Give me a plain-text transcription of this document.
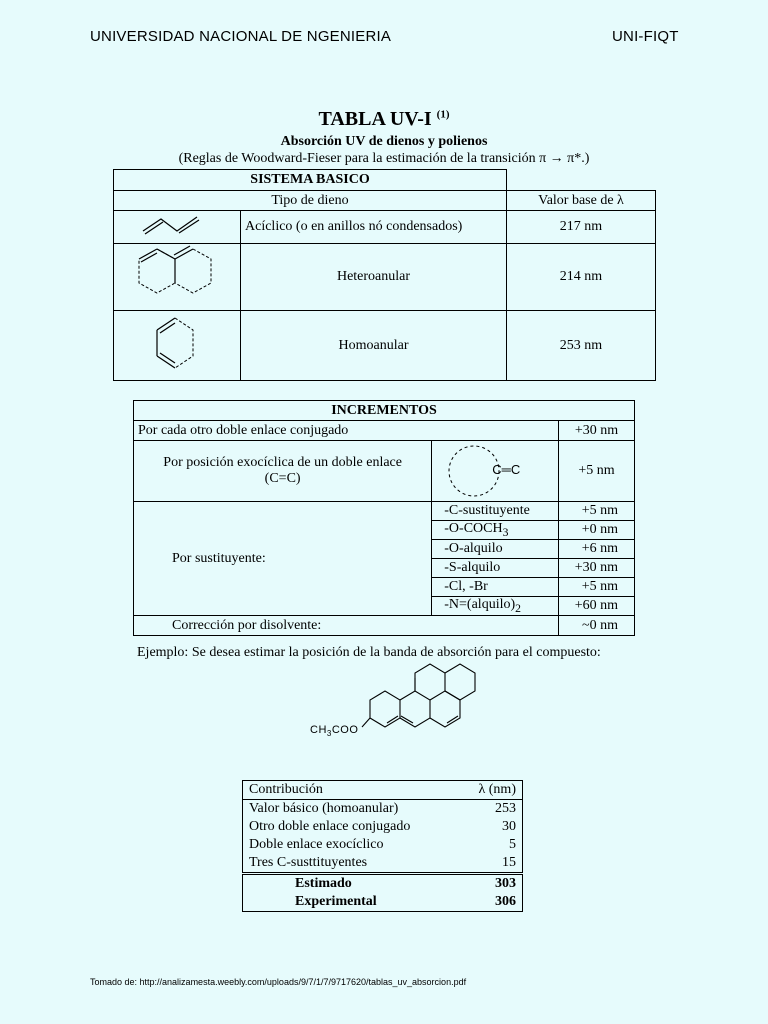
UNIVERSIDAD NACIONAL DE NGENIERIA	UNI-FIQT
TABLA UV-I $^{(1)}$
Absorción UV de dienos y polienos
(Reglas de Woodward-Fieser para la estimación de la transición π → π*.)
SISTEMA BASICO		
Tipo de dieno		Valor base de λ
	Acíclico (o en anillos nó condensados)	217 nm
	Heteroanular	214 nm
	Homoanular	253 nm
INCREMENTOS		
Por cada otro doble enlace conjugado		+30 nm
Por posición exocíclica de un doble enlace (C=C)	C═C	+5 nm
Por sustituyente:	-C-sustituyente	+5 nm
	$-O-COCH_3$	+0 nm
	-O-alquilo	+6 nm
	-S-alquilo	+30 nm
	-Cl, -Br	+5 nm
	$-N=(alquilo)_2$	+60 nm
Corrección por disolvente:		~0 nm
Ejemplo: Se desea estimar la posición de la banda de absorción para el compuesto:
$CH_3COO$
Contribución	λ (nm)
Valor básico (homoanular)	253
Otro doble enlace conjugado	30
Doble enlace exocíclico	5
Tres C-susttituyentes	15
Estimado	303
Experimental	306
Tomado de: http://analizamesta.weebly.com/uploads/9/7/1/7/9717620/tablas_uv_absorcion.pdf
